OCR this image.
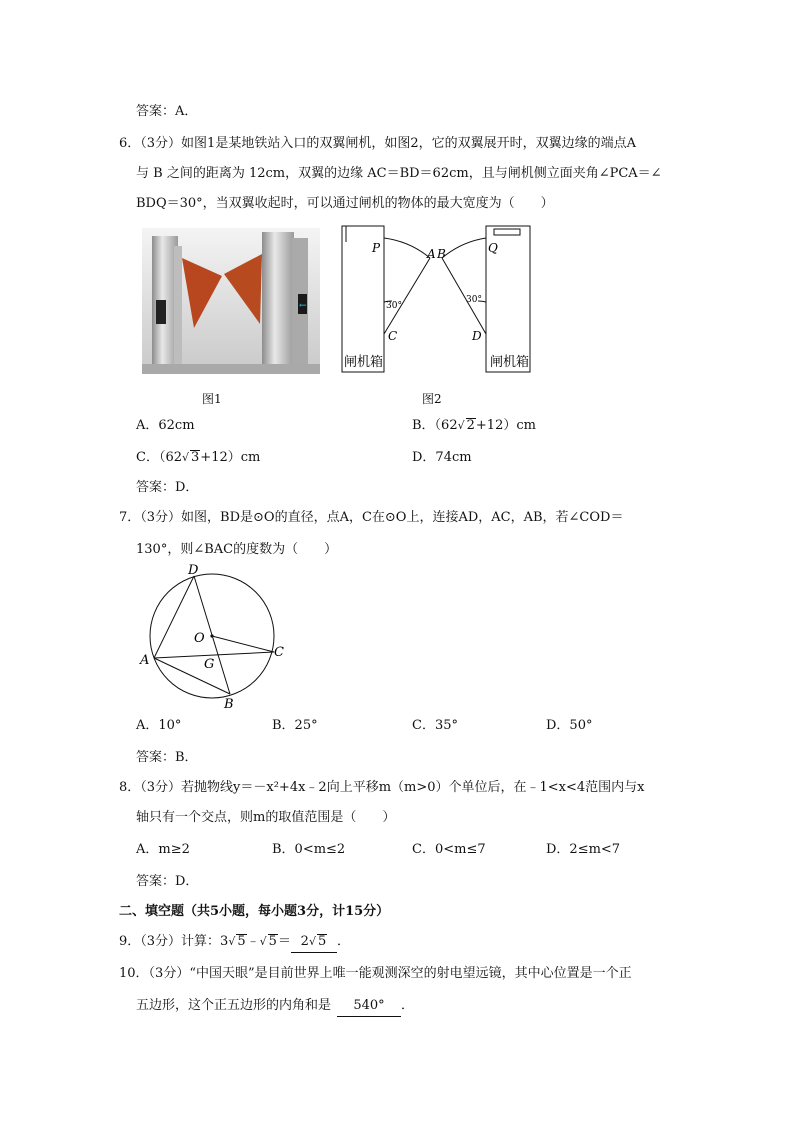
答案：A．
6．（3分）如图1是某地铁站入口的双翼闸机，如图2，它的双翼展开时，双翼边缘的端点A
与 B 之间的距离为 12cm，双翼的边缘 AC＝BD＝62cm，且与闸机侧立面夹角∠PCA＝∠
BDQ＝30°，当双翼收起时，可以通过闸机的物体的最大宽度为（　　）
←
P	A B	Q
30°
30°
C	D
闸机箱	闸机箱
图1	图2
A．62cm	B．（62√ 2+12）cm
C．（62√ 3+12）cm	D．74cm
答案：D．
7．（3分）如图，BD是⊙O的直径，点A，C在⊙O上，连接AD，AC，AB，若∠COD＝
130°，则∠BAC的度数为（　　）
D
O
A	G
C
B
A．10°	B．25°	C．35°	D．50°
答案：B．
8．（3分）若抛物线y＝－x²+4x﹣2向上平移m（m>0）个单位后，在﹣1<x<4范围内与x
轴只有一个交点，则m的取值范围是（　　）
A．m≥2	B．0<m≤2	C．0<m≤7	D．2≤m<7
答案：D．
二、填空题（共5小题，每小题3分，计15分）
9．（3分）计算：3√ 5﹣√ 5＝ 2√ 5 ．
10．（3分）“中国天眼”是目前世界上唯一能观测深空的射电望远镜，其中心位置是一个正
五边形，这个正五边形的内角和是 540° ．
